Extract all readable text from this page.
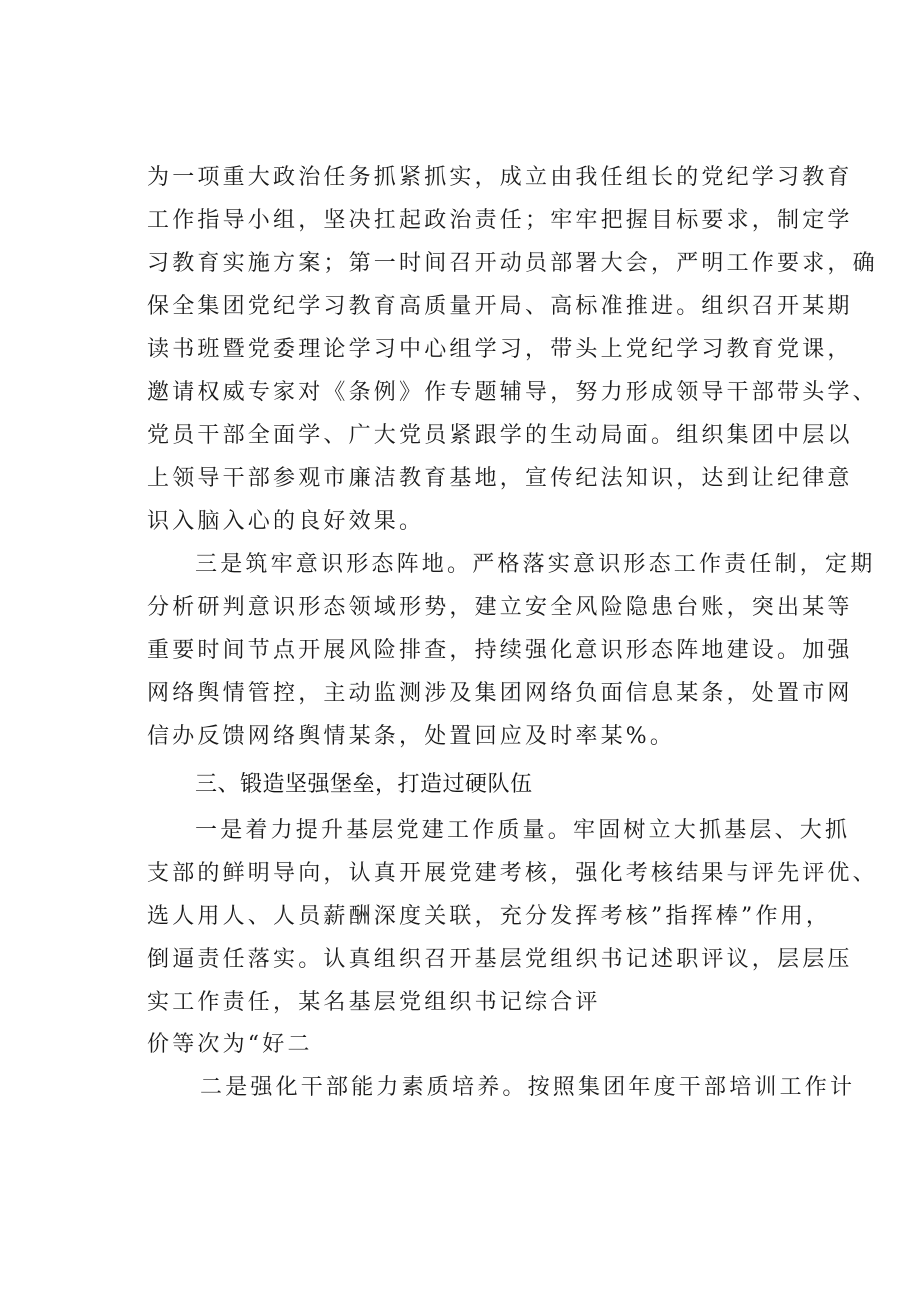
为一项重大政治任务抓紧抓实，成立由我任组长的党纪学习教育
工作指导小组，坚决扛起政治责任；牢牢把握目标要求，制定学
习教育实施方案；第一时间召开动员部署大会，严明工作要求，确
保全集团党纪学习教育高质量开局、高标准推进。组织召开某期
读书班暨党委理论学习中心组学习，带头上党纪学习教育党课，
邀请权威专家对《条例》作专题辅导，努力形成领导干部带头学、
党员干部全面学、广大党员紧跟学的生动局面。组织集团中层以
上领导干部参观市廉洁教育基地，宣传纪法知识，达到让纪律意
识入脑入心的良好效果。
三是筑牢意识形态阵地。严格落实意识形态工作责任制，定期
分析研判意识形态领域形势，建立安全风险隐患台账，突出某等
重要时间节点开展风险排查，持续强化意识形态阵地建设。加强
网络舆情管控，主动监测涉及集团网络负面信息某条，处置市网
信办反馈网络舆情某条，处置回应及时率某%。
三、锻造坚强堡垒，打造过硬队伍
一是着力提升基层党建工作质量。牢固树立大抓基层、大抓
支部的鲜明导向，认真开展党建考核，强化考核结果与评先评优、
选人用人、人员薪酬深度关联，充分发挥考核”指挥棒”作用，
倒逼责任落实。认真组织召开基层党组织书记述职评议，层层压
实工作责任，某名基层党组织书记综合评
价等次为“好二
二是强化干部能力素质培养。按照集团年度干部培训工作计
